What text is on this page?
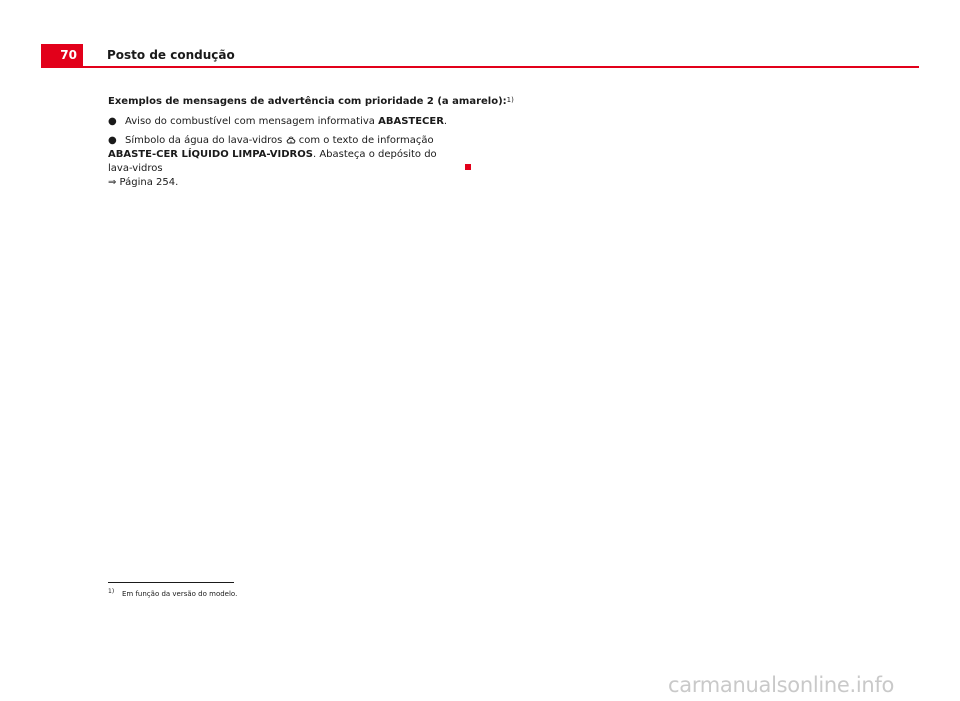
70	Posto de condução
Exemplos de mensagens de advertência com prioridade 2 (a amarelo):$^{1)}$
● Aviso do combustível com mensagem informativa ABASTECER.
● Símbolo da água do lava-vidros  com o texto de informação ABASTE-CER LÍQUIDO LIMPA-VIDROS. Abasteça o depósito do lava-vidros
⇒ Página 254.
1) Em função da versão do modelo.
carmanualsonline.info
